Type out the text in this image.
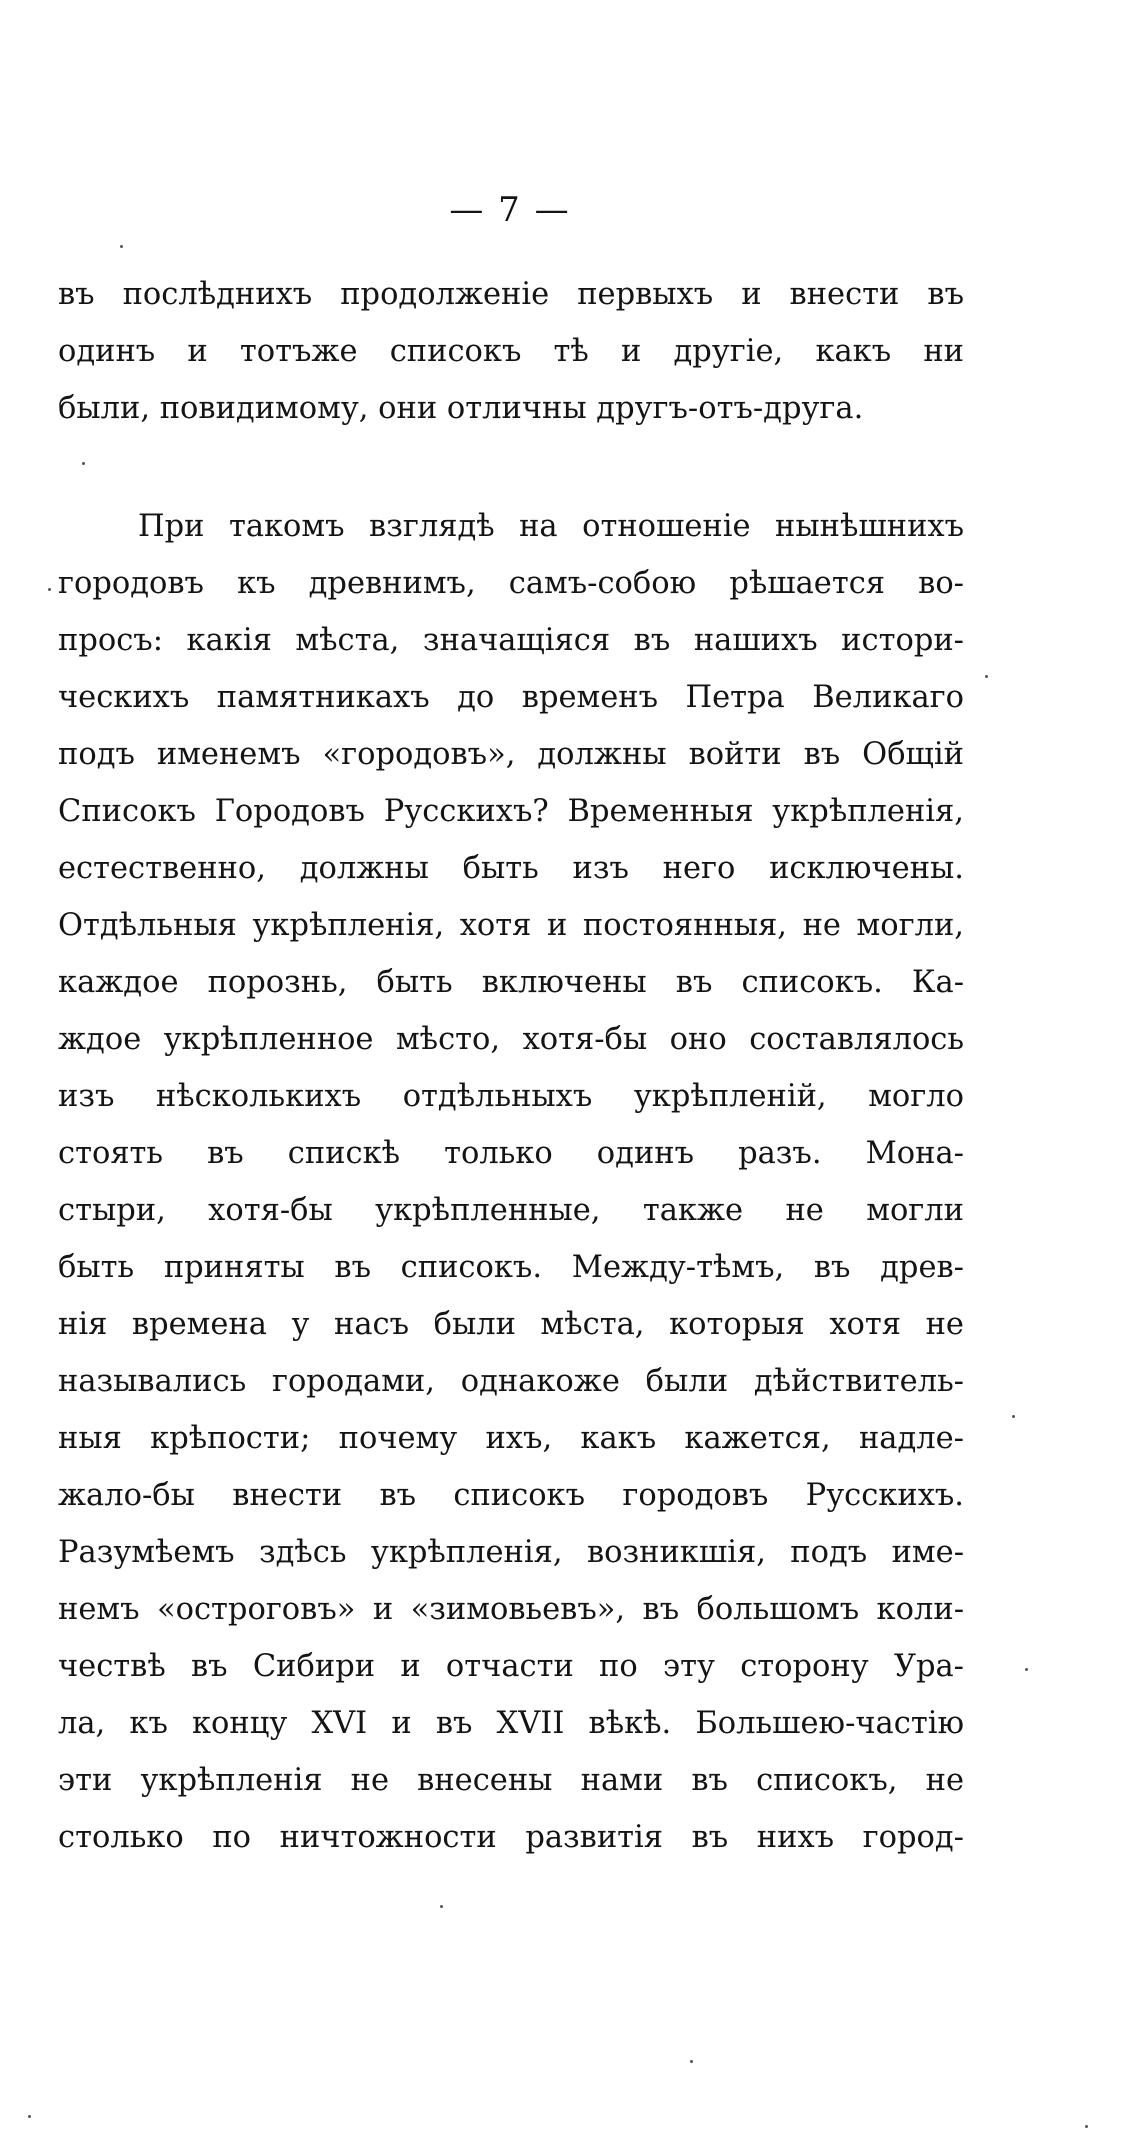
— 7 —
въ послѣднихъ продолженіе первыхъ и внести въ
одинъ и тотъже списокъ тѣ и другіе, какъ ни
были, повидимому, они отличны другъ-отъ-друга.
При такомъ взглядѣ на отношеніе нынѣшнихъ
городовъ къ древнимъ, самъ-собою рѣшается во-
просъ: какія мѣста, значащіяся въ нашихъ истори-
ческихъ памятникахъ до временъ Петра Великаго
подъ именемъ «городовъ», должны войти въ Общій
Списокъ Городовъ Русскихъ? Временныя укрѣпленія,
естественно, должны быть изъ него исключены.
Отдѣльныя укрѣпленія, хотя и постоянныя, не могли,
каждое порознь, быть включены въ списокъ. Ка-
ждое укрѣпленное мѣсто, хотя-бы оно составлялось
изъ нѣсколькихъ отдѣльныхъ укрѣпленій, могло
стоять въ спискѣ только одинъ разъ. Мона-
стыри, хотя-бы укрѣпленные, также не могли
быть приняты въ списокъ. Между-тѣмъ, въ древ-
нія времена у насъ были мѣста, которыя хотя не
назывались городами, однакоже были дѣйствитель-
ныя крѣпости; почему ихъ, какъ кажется, надле-
жало-бы внести въ списокъ городовъ Русскихъ.
Разумѣемъ здѣсь укрѣпленія, возникшія, подъ име-
немъ «остроговъ» и «зимовьевъ», въ большомъ коли-
чествѣ въ Сибири и отчасти по эту сторону Ура-
ла, къ концу XVI и въ XVII вѣкѣ. Большею-частію
эти укрѣпленія не внесены нами въ списокъ, не
столько по ничтожности развитія въ нихъ город-
